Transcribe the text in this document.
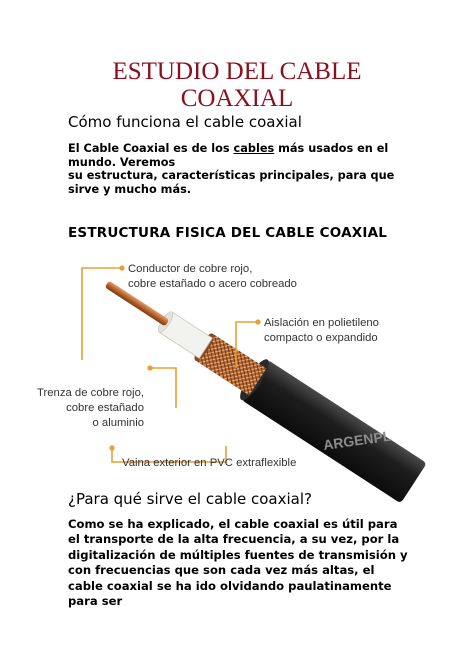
ESTUDIO DEL CABLE
COAXIAL
Cómo funciona el cable coaxial
El Cable Coaxial es de los cables más usados en el mundo. Veremos
su estructura, características principales, para que sirve y mucho más.
ESTRUCTURA FISICA DEL CABLE COAXIAL
ARGENPL
Conductor de cobre rojo,
cobre estañado o acero cobreado
Aislación en polietileno
compacto o expandido
Trenza de cobre rojo,
cobre estañado
o aluminio
Vaina exterior en PVC extraflexible
¿Para qué sirve el cable coaxial?
Como se ha explicado, el cable coaxial es útil para el transporte de la alta frecuencia, a su vez, por la digitalización de múltiples fuentes de transmisión y con frecuencias que son cada vez más altas, el cable coaxial se ha ido olvidando paulatinamente para ser
